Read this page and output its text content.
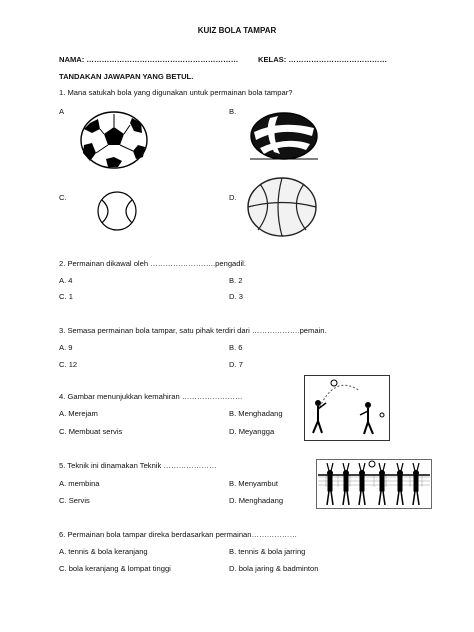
KUIZ BOLA TAMPAR
NAMA: ……………………………………………………	KELAS: …………………………………
TANDAKAN JAWAPAN YANG BETUL.
1. Mana satukah bola yang digunakan untuk permainan bola tampar?
A	B.
C.	D.
2. Permainan dikawal oleh ……………………..pengadil.
A. 4	B. 2
C. 1	D. 3
3. Semasa permainan bola tampar, satu pihak terdiri dari ……………….pemain.
A. 9	B. 6
C. 12	D. 7
4. Gambar menunjukkan kemahiran ……………………
A. Merejam	B. Menghadang
C. Membuat servis	D. Meyangga
5. Teknik ini dinamakan Teknik …………………
A. membina	B. Menyambut
C. Servis	D. Menghadang
6. Permainan bola tampar direka berdasarkan permainan………………
A. tennis & bola keranjang	B. tennis & bola jarring
C. bola keranjang & lompat tinggi	D. bola jaring & badminton
